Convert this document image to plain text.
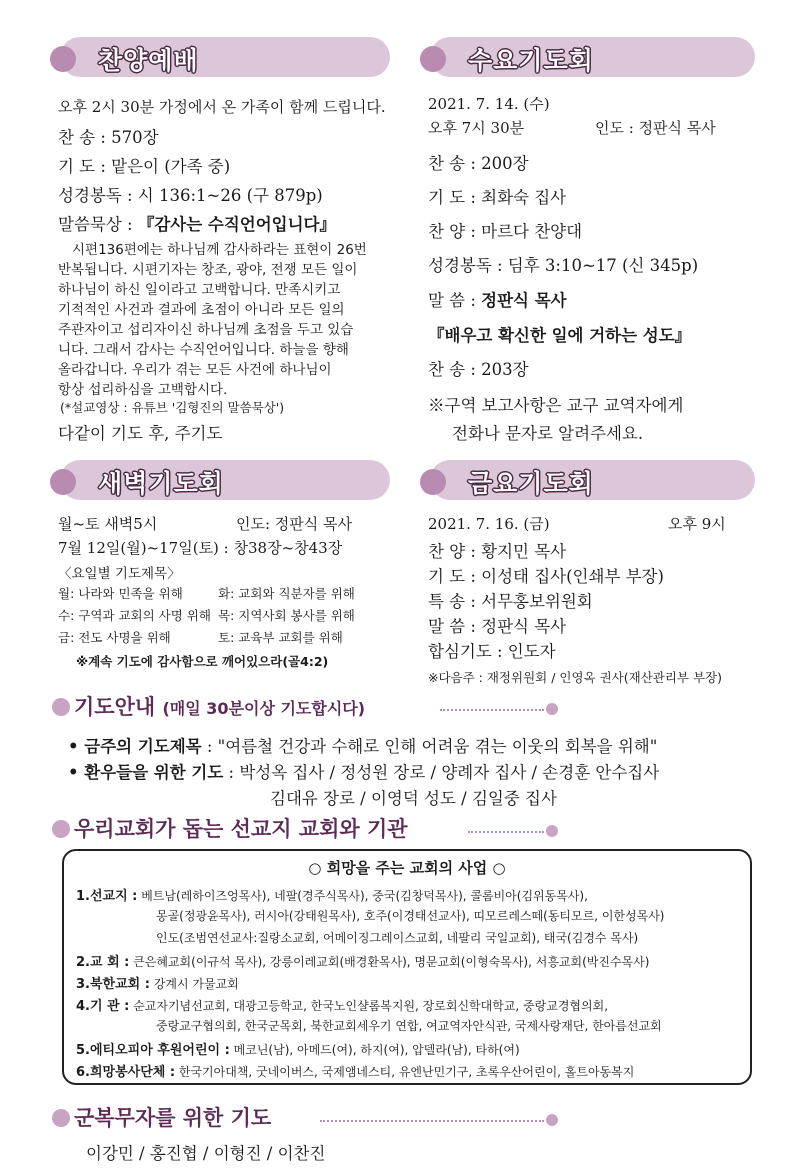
찬양예배
오후 2시 30분 가정에서 온 가족이 함께 드립니다.
찬 송 : 570장
기 도 : 맡은이 (가족 중)
성경봉독 : 시 136:1~26 (구 879p)
말씀묵상 : 『감사는 수직언어입니다』
시편136편에는 하나님께 감사하라는 표현이 26번
반복됩니다. 시편기자는 창조, 광야, 전쟁 모든 일이
하나님이 하신 일이라고 고백합니다. 만족시키고
기적적인 사건과 결과에 초점이 아니라 모든 일의
주관자이고 섭리자이신 하나님께 초점을 두고 있습
니다. 그래서 감사는 수직언어입니다. 하늘을 향해
올라갑니다. 우리가 겪는 모든 사건에 하나님이
항상 섭리하심을 고백합시다.
(*설교영상 : 유튜브 '김형진의 말씀묵상')
다같이 기도 후, 주기도
수요기도회
2021. 7. 14. (수)
오후 7시 30분	인도 : 정판식 목사
찬 송 : 200장
기 도 : 최화숙 집사
찬 양 : 마르다 찬양대
성경봉독 : 딤후 3:10~17 (신 345p)
말 씀 : 정판식 목사
『배우고 확신한 일에 거하는 성도』
찬 송 : 203장
※구역 보고사항은 교구 교역자에게
전화나 문자로 알려주세요.
새벽기도회
월~토 새벽5시	인도: 정판식 목사
7월 12일(월)~17일(토) : 창38장~창43장
〈요일별 기도제목〉
월: 나라와 민족을 위해	화: 교회와 직분자를 위해
수: 구역과 교회의 사명 위해 목: 지역사회 봉사를 위해
금: 전도 사명을 위해	토: 교육부 교회를 위해
※계속 기도에 감사함으로 깨어있으라(골4:2)
금요기도회
2021. 7. 16. (금)	오후 9시
찬 양 : 황지민 목사
기 도 : 이성태 집사(인쇄부 부장)
특 송 : 서무홍보위원회
말 씀 : 정판식 목사
합심기도 : 인도자
※다음주 : 재정위원회 / 인영옥 권사(재산관리부 부장)
기도안내 (매일 30분이상 기도합시다)
• 금주의 기도제목 : "여름철 건강과 수해로 인해 어려움 겪는 이웃의 회복을 위해"
• 환우들을 위한 기도 : 박성옥 집사 / 정성원 장로 / 양례자 집사 / 손경훈 안수집사
김대유 장로 / 이영덕 성도 / 김일중 집사
우리교회가 돕는 선교지 교회와 기관
○ 희망을 주는 교회의 사업 ○
1.선교지 : 베트남(레하이즈엉목사), 네팔(경주식목사), 중국(김창덕목사), 콜롬비아(김위동목사),
몽골(정광윤목사), 러시아(강태원목사), 호주(이경태선교사), 띠모르레스떼(동티모르, 이한성목사)
인도(조범연선교사:질랑소교회, 어메이징그레이스교회, 네팔리 국일교회), 태국(김경수 목사)
2.교 회 : 큰은혜교회(이규석 목사), 강릉이레교회(배경환목사), 명문교회(이형숙목사), 서흥교회(박진수목사)
3.북한교회 : 강계시 가물교회
4.기 관 : 순교자기념선교회, 대광고등학교, 한국노인샬롬복지원, 장로회신학대학교, 중랑교경협의회,
중랑교구협의회, 한국군목회, 북한교회세우기 연합, 여교역자안식관, 국제사랑재단, 한아름선교회
5.에티오피아 후원어린이 : 메코닌(남), 아메드(여), 하지(여), 압델라(남), 타하(여)
6.희망봉사단체 : 한국기아대책, 굿네이버스, 국제앰네스티, 유엔난민기구, 초록우산어린이, 홀트아동복지
군복무자를 위한 기도
이강민 / 홍진협 / 이형진 / 이찬진
